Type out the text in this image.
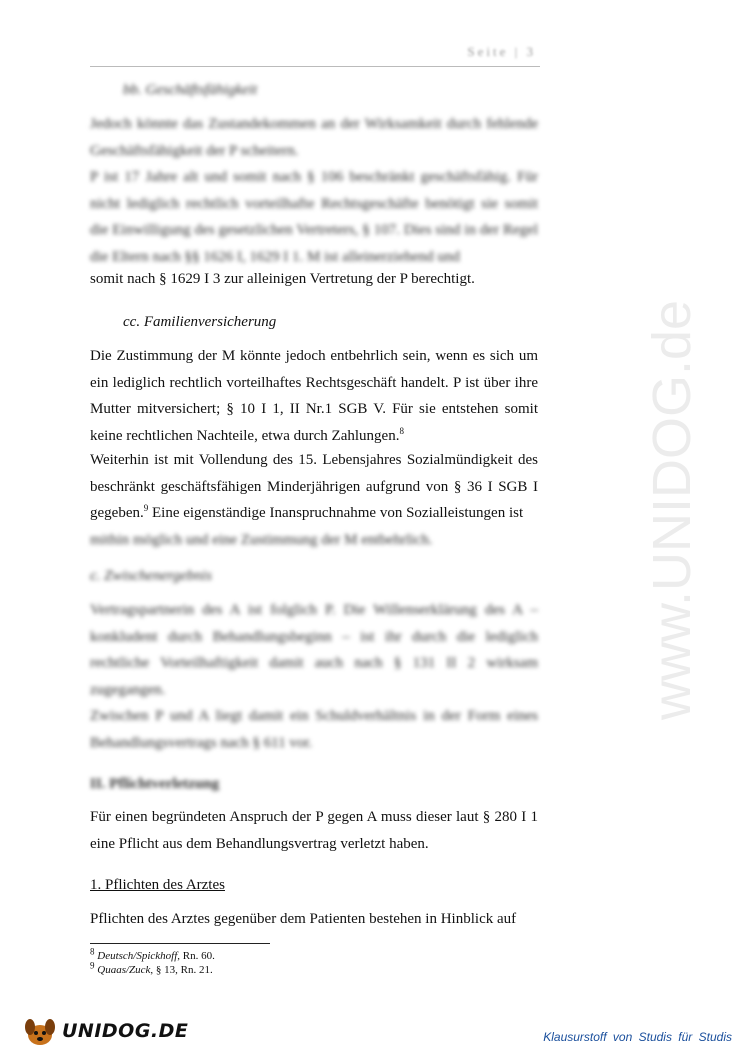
Seite | 3
bb. Geschäftsfähigkeit

Jedoch könnte das Zustandekommen an der Wirksamkeit durch fehlende Geschäftsfähigkeit der P scheitern.

P ist 17 Jahre alt und somit nach § 106 beschränkt geschäftsfähig. Für nicht lediglich rechtlich vorteilhafte Rechtsgeschäfte benötigt sie somit die Einwilligung des gesetzlichen Vertreters, § 107. Dies sind in der Regel die Eltern nach §§ 1626 I, 1629 I 1. M ist alleinerziehend und

somit nach § 1629 I 3 zur alleinigen Vertretung der P berechtigt.

cc. Familienversicherung

Die Zustimmung der M könnte jedoch entbehrlich sein, wenn es sich um ein lediglich rechtlich vorteilhaftes Rechtsgeschäft handelt. P ist über ihre Mutter mitversichert; § 10 I 1, II Nr.1 SGB V. Für sie entstehen somit keine rechtlichen Nachteile, etwa durch Zahlungen.$^8$

Weiterhin ist mit Vollendung des 15. Lebensjahres Sozialmündigkeit des beschränkt geschäftsfähigen Minderjährigen aufgrund von § 36 I SGB I gegeben.$^9$ Eine eigenständige Inanspruchnahme von Sozialleistungen ist

mithin möglich und eine Zustimmung der M entbehrlich.

c. Zwischenergebnis

Vertragspartnerin des A ist folglich P. Die Willenserklärung des A – konkludent durch Behandlungsbeginn – ist ihr durch die lediglich rechtliche Vorteilhaftigkeit damit auch nach § 131 II 2 wirksam zugegangen.

Zwischen P und A liegt damit ein Schuldverhältnis in der Form eines Behandlungsvertrags nach § 611 vor.

II. Pflichtverletzung

Für einen begründeten Anspruch der P gegen A muss dieser laut § 280 I 1 eine Pflicht aus dem Behandlungsvertrag verletzt haben.

1. Pflichten des Arztes

Pflichten des Arztes gegenüber dem Patienten bestehen in Hinblick auf

$^8$ Deutsch/Spickhoff, Rn. 60.
$^9$ Quaas/Zuck, § 13, Rn. 21.
www.UNIDOG.de
UNIDOG.DE	Klausurstoff von Studis für Studis
